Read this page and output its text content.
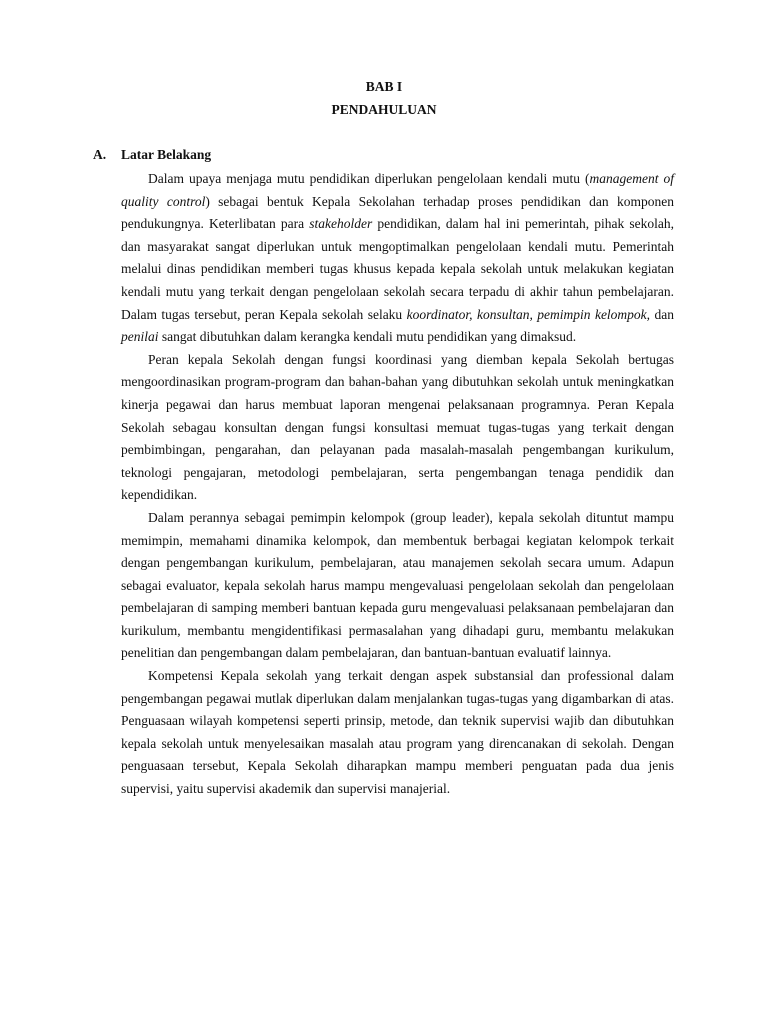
BAB I
PENDAHULUAN
A. Latar Belakang

Dalam upaya menjaga mutu pendidikan diperlukan pengelolaan kendali mutu (management of quality control) sebagai bentuk Kepala Sekolahan terhadap proses pendidikan dan komponen pendukungnya. Keterlibatan para stakeholder pendidikan, dalam hal ini pemerintah, pihak sekolah, dan masyarakat sangat diperlukan untuk mengoptimalkan pengelolaan kendali mutu. Pemerintah melalui dinas pendidikan memberi tugas khusus kepada kepala sekolah untuk melakukan kegiatan kendali mutu yang terkait dengan pengelolaan sekolah secara terpadu di akhir tahun pembelajaran. Dalam tugas tersebut, peran Kepala sekolah selaku koordinator, konsultan, pemimpin kelompok, dan penilai sangat dibutuhkan dalam kerangka kendali mutu pendidikan yang dimaksud.

Peran kepala Sekolah dengan fungsi koordinasi yang diemban kepala Sekolah bertugas mengoordinasikan program-program dan bahan-bahan yang dibutuhkan sekolah untuk meningkatkan kinerja pegawai dan harus membuat laporan mengenai pelaksanaan programnya. Peran Kepala Sekolah sebagau konsultan dengan fungsi konsultasi memuat tugas-tugas yang terkait dengan pembimbingan, pengarahan, dan pelayanan pada masalah-masalah pengembangan kurikulum, teknologi pengajaran, metodologi pembelajaran, serta pengembangan tenaga pendidik dan kependidikan.

Dalam perannya sebagai pemimpin kelompok (group leader), kepala sekolah dituntut mampu memimpin, memahami dinamika kelompok, dan membentuk berbagai kegiatan kelompok terkait dengan pengembangan kurikulum, pembelajaran, atau manajemen sekolah secara umum. Adapun sebagai evaluator, kepala sekolah harus mampu mengevaluasi pengelolaan sekolah dan pengelolaan pembelajaran di samping memberi bantuan kepada guru mengevaluasi pelaksanaan pembelajaran dan kurikulum, membantu mengidentifikasi permasalahan yang dihadapi guru, membantu melakukan penelitian dan pengembangan dalam pembelajaran, dan bantuan-bantuan evaluatif lainnya.

Kompetensi Kepala sekolah yang terkait dengan aspek substansial dan professional dalam pengembangan pegawai mutlak diperlukan dalam menjalankan tugas-tugas yang digambarkan di atas. Penguasaan wilayah kompetensi seperti prinsip, metode, dan teknik supervisi wajib dan dibutuhkan kepala sekolah untuk menyelesaikan masalah atau program yang direncanakan di sekolah. Dengan penguasaan tersebut, Kepala Sekolah diharapkan mampu memberi penguatan pada dua jenis supervisi, yaitu supervisi akademik dan supervisi manajerial.
